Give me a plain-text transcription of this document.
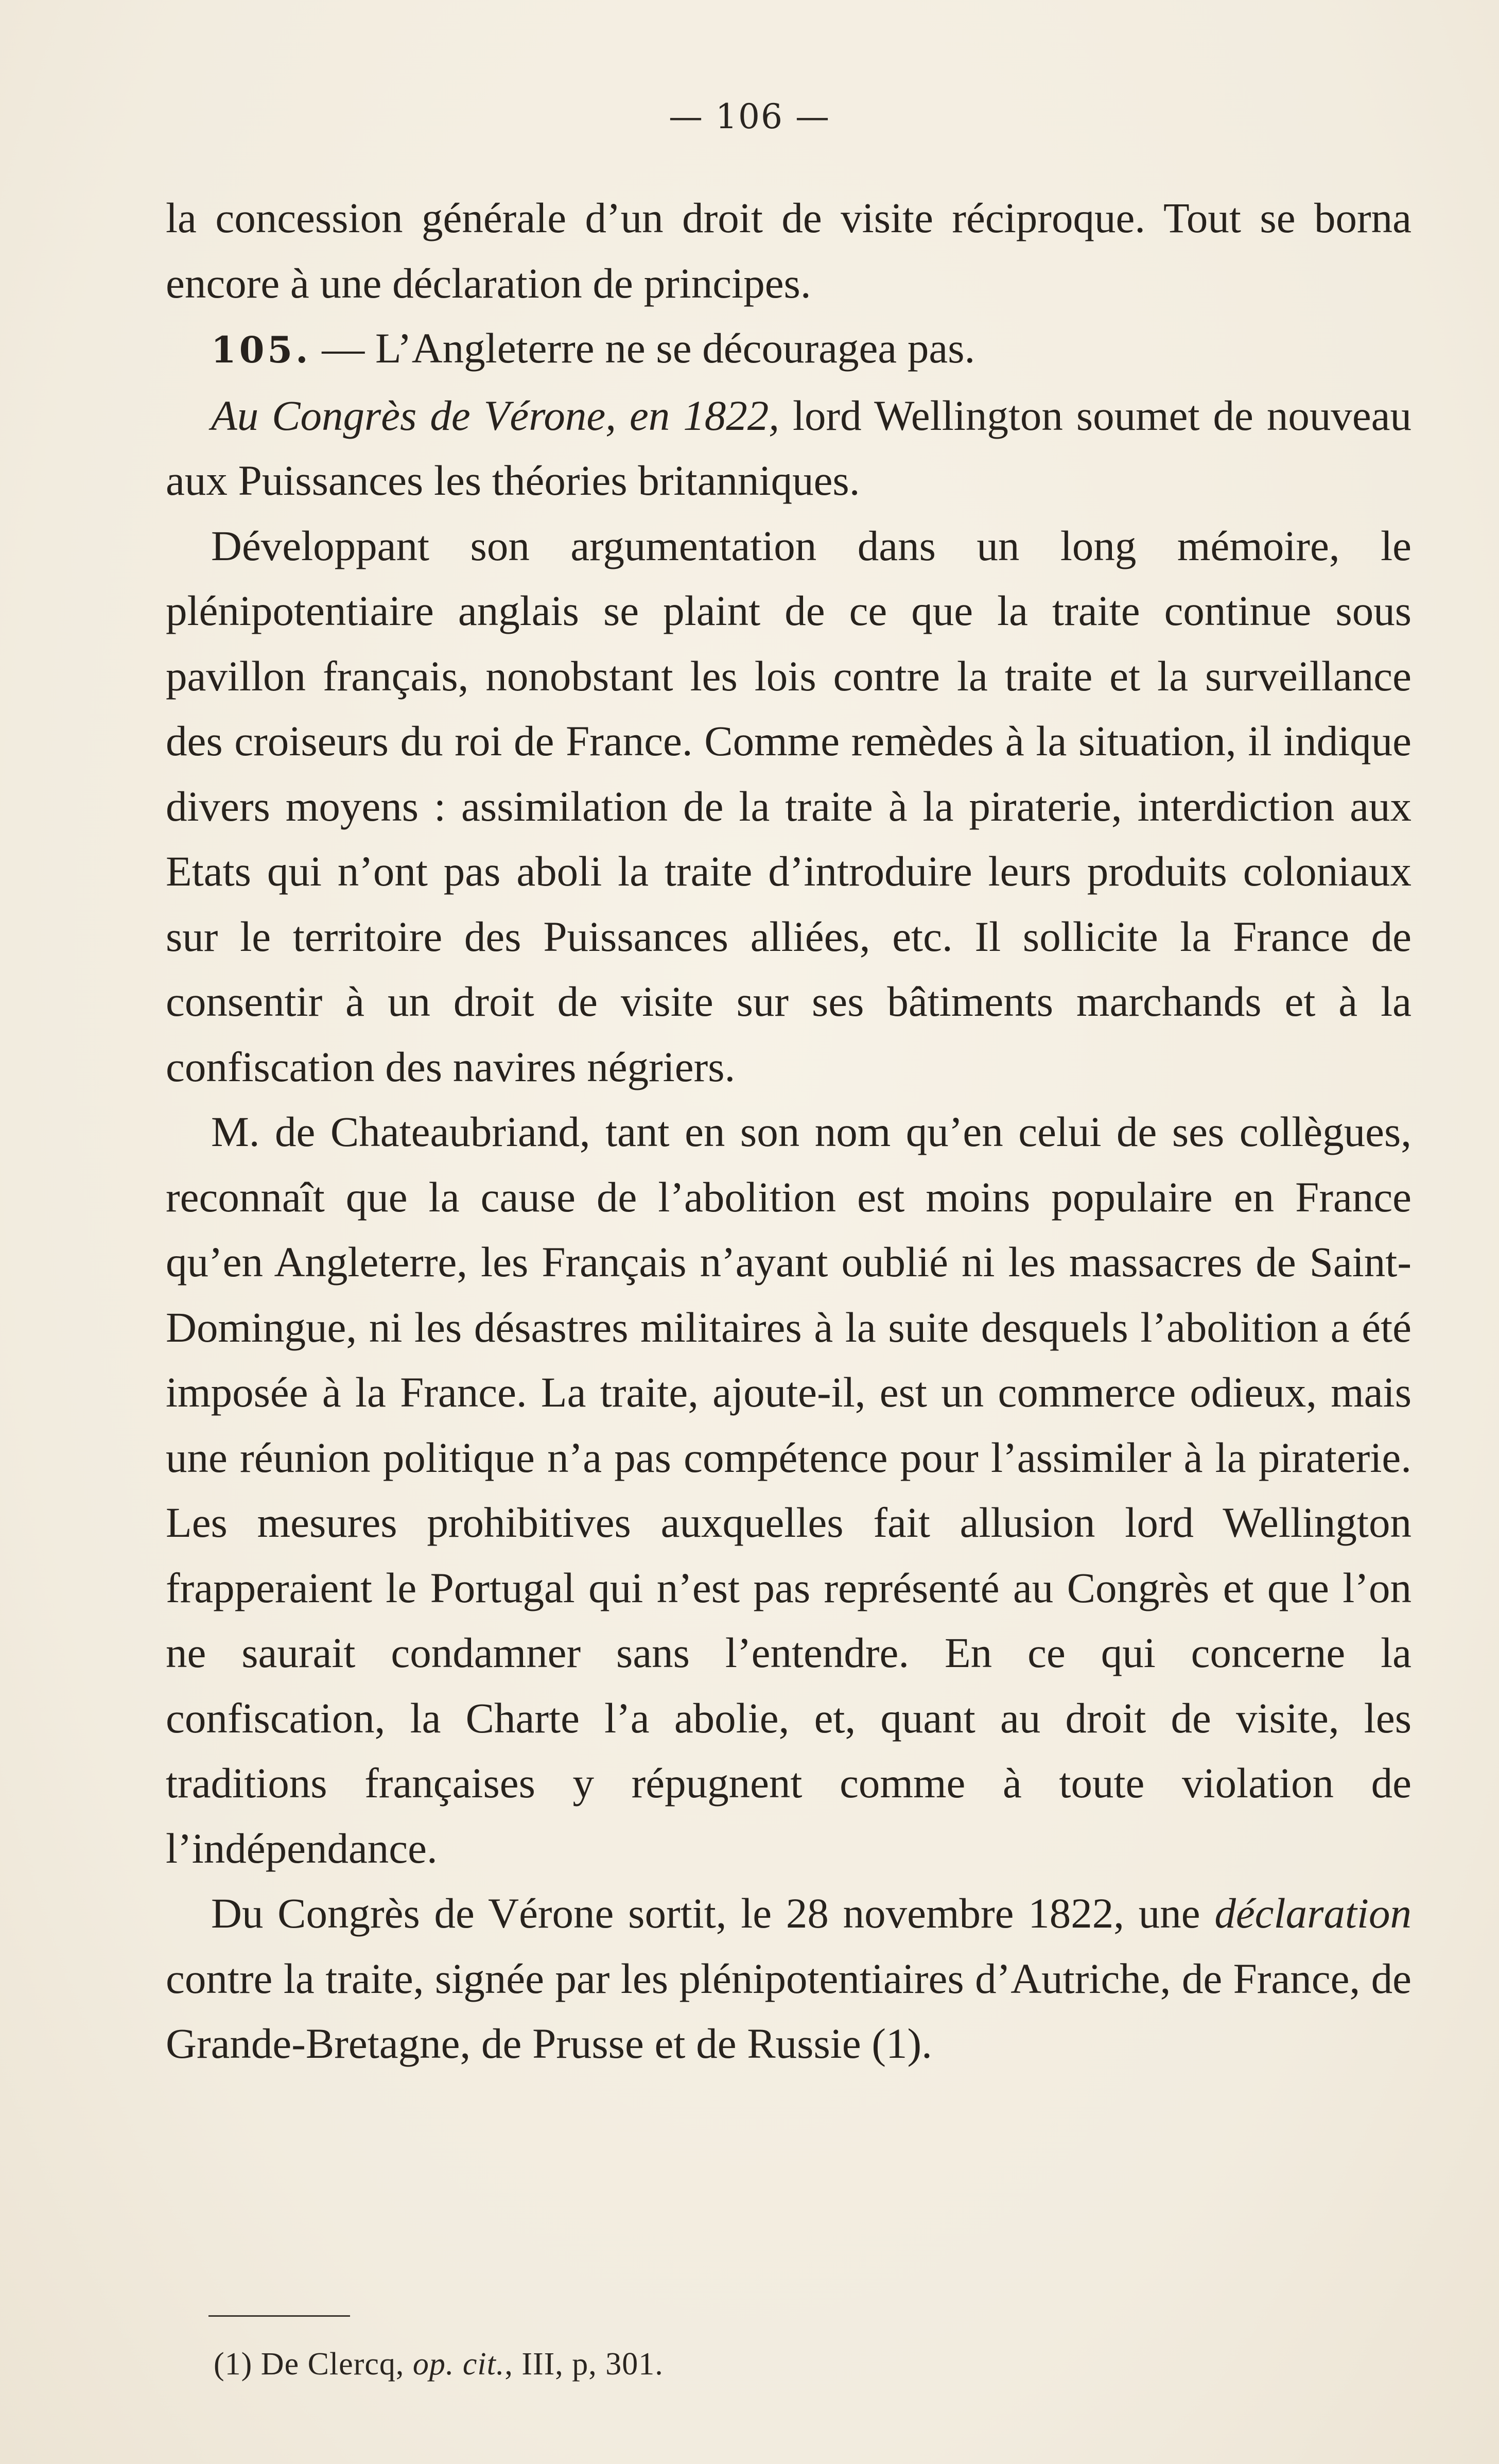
— 106 —

la concession générale d’un droit de visite réciproque. Tout se borna encore à une déclaration de principes.

105. — L’Angleterre ne se découragea pas.

Au Congrès de Vérone, en 1822, lord Wellington soumet de nouveau aux Puissances les théories britanniques.

Développant son argumentation dans un long mémoire, le plénipotentiaire anglais se plaint de ce que la traite continue sous pavillon français, nonobstant les lois contre la traite et la surveillance des croiseurs du roi de France. Comme remèdes à la situation, il indique divers moyens : assimilation de la traite à la piraterie, interdiction aux Etats qui n’ont pas aboli la traite d’introduire leurs produits coloniaux sur le territoire des Puissances alliées, etc. Il sollicite la France de consentir à un droit de visite sur ses bâtiments marchands et à la confiscation des navires négriers.

M. de Chateaubriand, tant en son nom qu’en celui de ses collègues, reconnaît que la cause de l’abolition est moins populaire en France qu’en Angleterre, les Français n’ayant oublié ni les massacres de Saint-Domingue, ni les désastres militaires à la suite desquels l’abolition a été imposée à la France. La traite, ajoute-il, est un commerce odieux, mais une réunion politique n’a pas compétence pour l’assimiler à la piraterie. Les mesures prohibitives auxquelles fait allusion lord Wellington frapperaient le Portugal qui n’est pas représenté au Congrès et que l’on ne saurait condamner sans l’entendre. En ce qui concerne la confiscation, la Charte l’a abolie, et, quant au droit de visite, les traditions françaises y répugnent comme à toute violation de l’indépendance.

Du Congrès de Vérone sortit, le 28 novembre 1822, une déclaration contre la traite, signée par les plénipotentiaires d’Autriche, de France, de Grande-Bretagne, de Prusse et de Russie (1).

(1) De Clercq, op. cit., III, p, 301.
